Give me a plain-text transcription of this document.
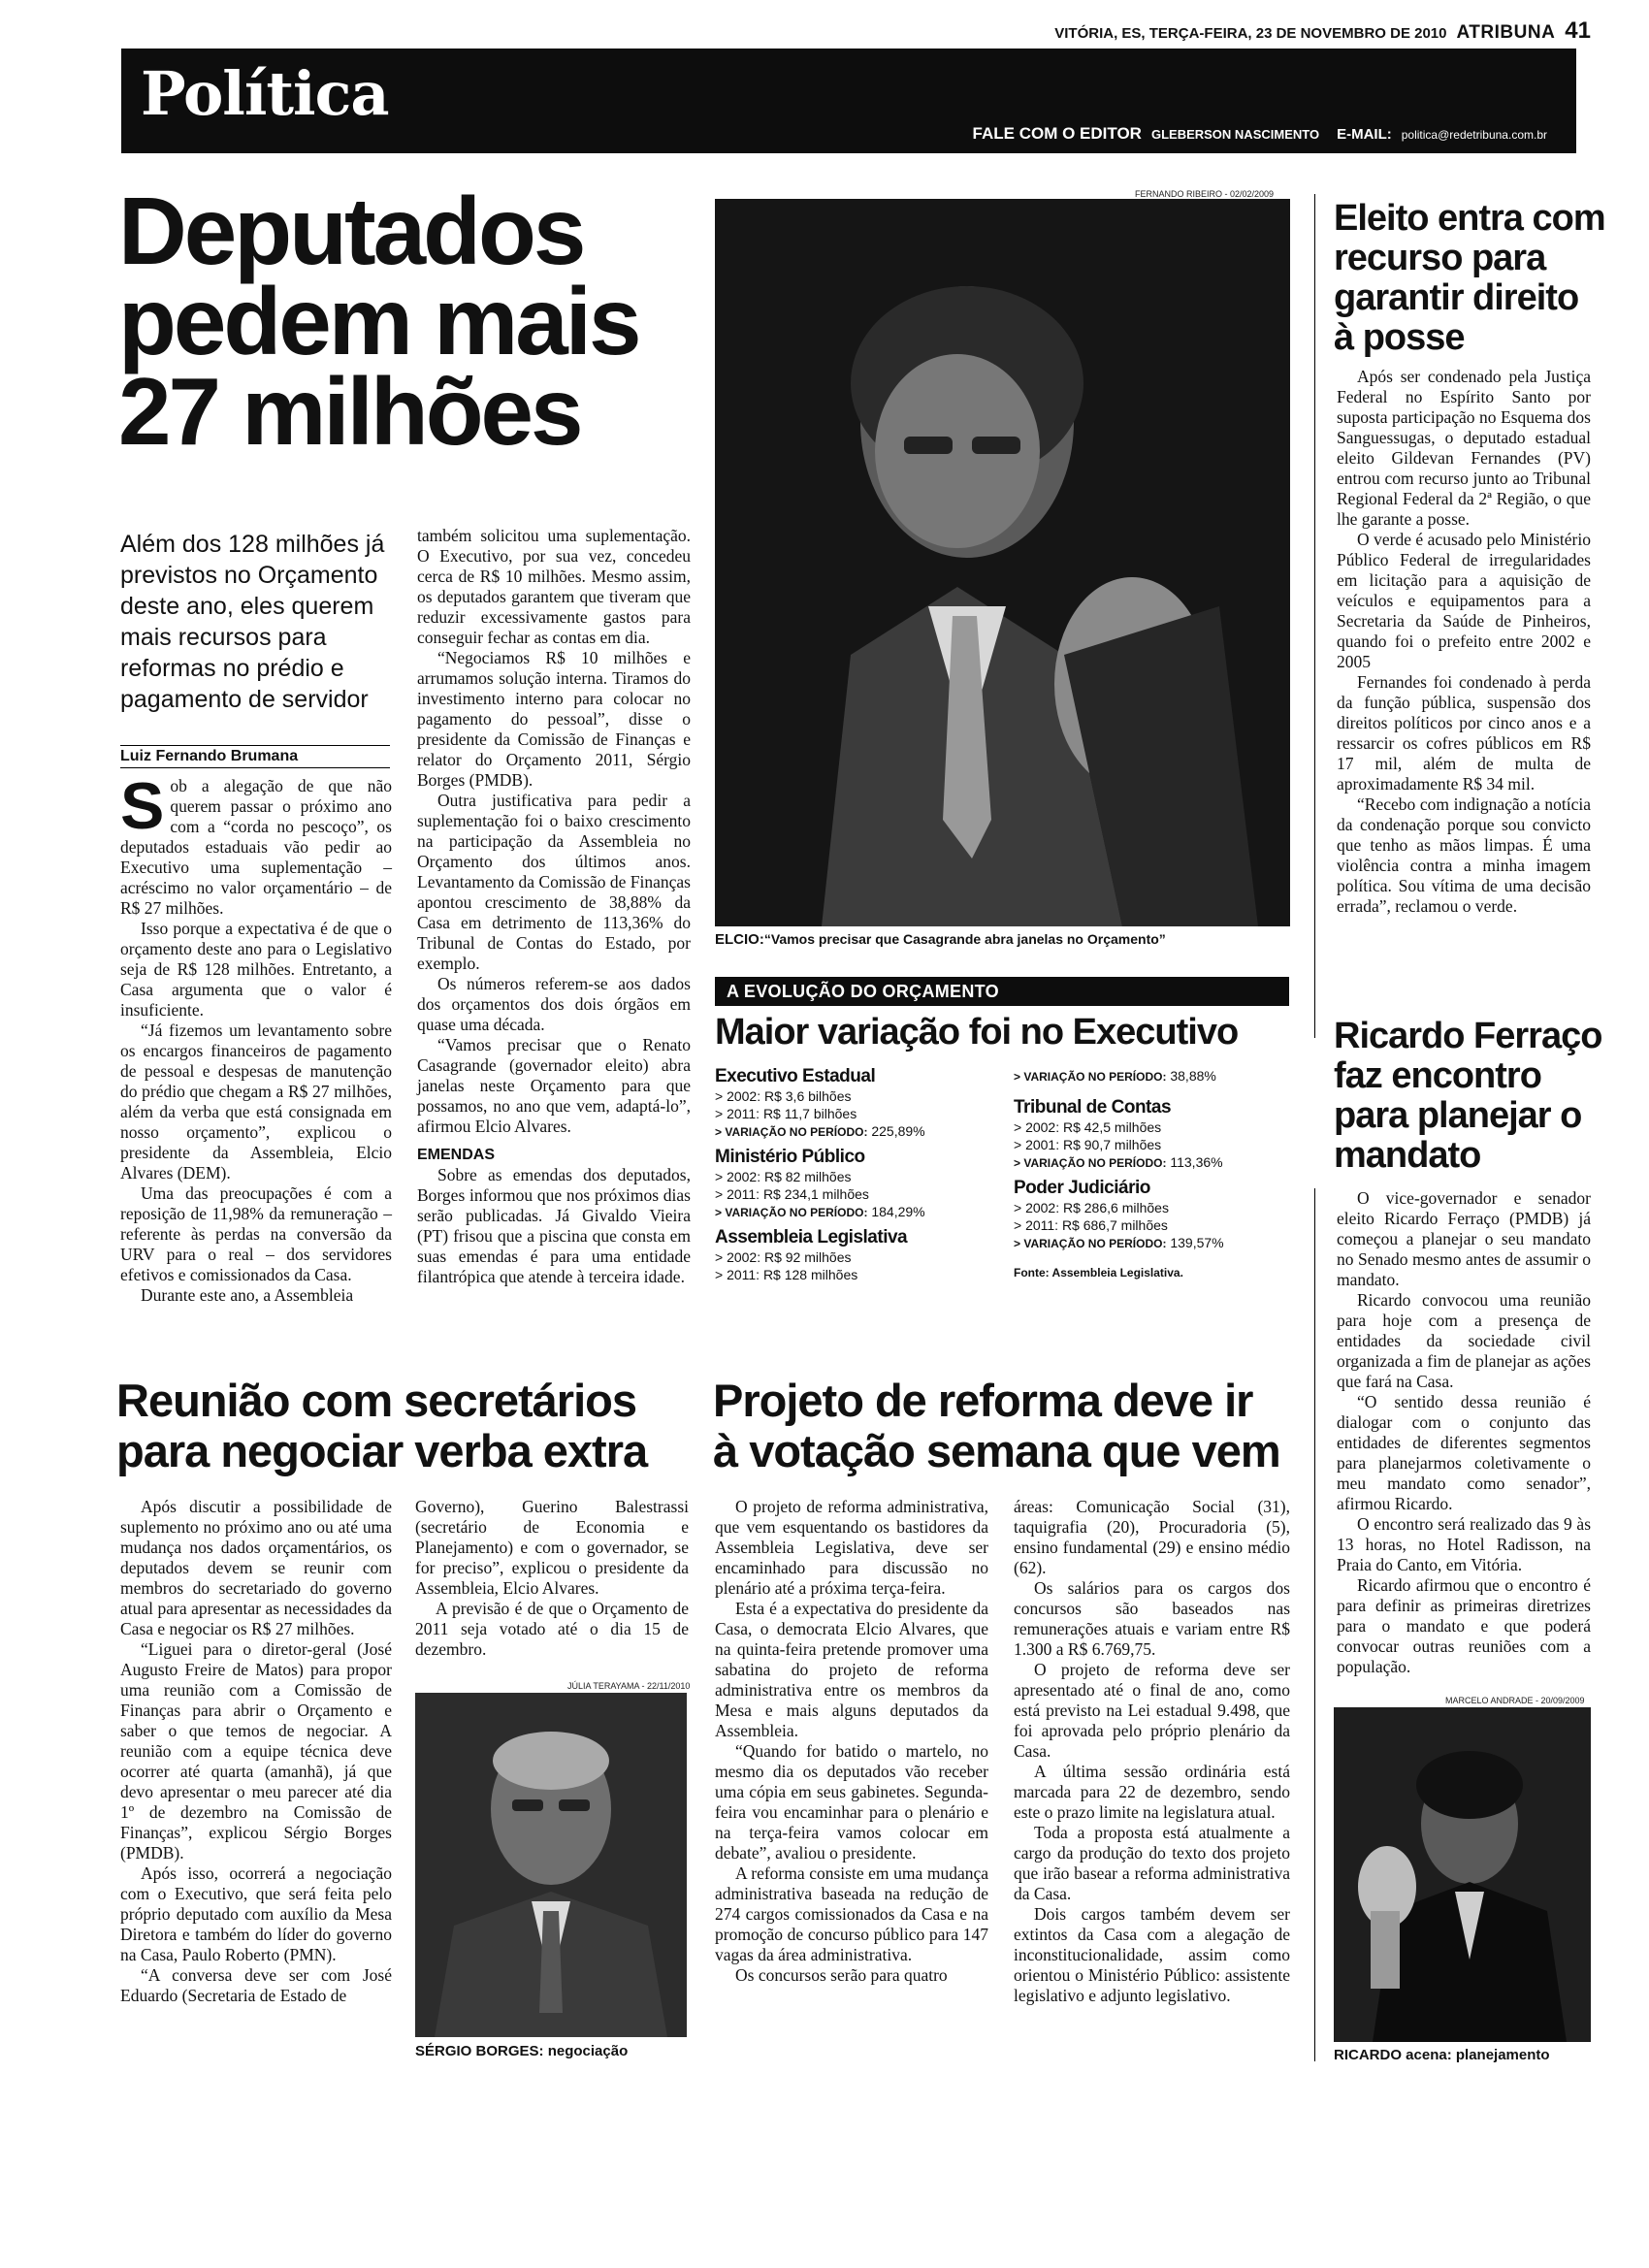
VITÓRIA, ES, TERÇA-FEIRA, 23 DE NOVEMBRO DE 2010 ATRIBUNA 41
Política
FALE COM O EDITOR GLEBERSON NASCIMENTO E-MAIL: politica@redetribuna.com.br
Deputados
pedem mais
27 milhões
Além dos 128 milhões já previstos no Orçamento deste ano, eles querem mais recursos para reformas no prédio e pagamento de servidor
Luiz Fernando Brumana

Sob a alegação de que não querem passar o próximo ano com a “corda no pescoço”, os deputados estaduais vão pedir ao Executivo uma suplementação – acréscimo no valor orçamentário – de R$ 27 milhões.

Isso porque a expectativa é de que o orçamento deste ano para o Legislativo seja de R$ 128 milhões. Entretanto, a Casa argumenta que o valor é insuficiente.

“Já fizemos um levantamento sobre os encargos financeiros de pagamento de pessoal e despesas de manutenção do prédio que chegam a R$ 27 milhões, além da verba que está consignada em nosso orçamento”, explicou o presidente da Assembleia, Elcio Alvares (DEM).

Uma das preocupações é com a reposição de 11,98% da remuneração – referente às perdas na conversão da URV para o real – dos servidores efetivos e comissionados da Casa.

Durante este ano, a Assembleia

também solicitou uma suplementação. O Executivo, por sua vez, concedeu cerca de R$ 10 milhões. Mesmo assim, os deputados garantem que tiveram que reduzir excessivamente gastos para conseguir fechar as contas em dia.

“Negociamos R$ 10 milhões e arrumamos solução interna. Tiramos do investimento interno para colocar no pagamento do pessoal”, disse o presidente da Comissão de Finanças e relator do Orçamento 2011, Sérgio Borges (PMDB).

Outra justificativa para pedir a suplementação foi o baixo crescimento na participação da Assembleia no Orçamento dos últimos anos. Levantamento da Comissão de Finanças apontou crescimento de 38,88% da Casa em detrimento de 113,36% do Tribunal de Contas do Estado, por exemplo.

Os números referem-se aos dados dos orçamentos dos dois órgãos em quase uma década.

“Vamos precisar que o Renato Casagrande (governador eleito) abra janelas neste Orçamento para que possamos, no ano que vem, adaptá-lo”, afirmou Elcio Alvares.

EMENDAS

Sobre as emendas dos deputados, Borges informou que nos próximos dias serão publicadas. Já Givaldo Vieira (PT) frisou que a piscina que consta em suas emendas é para uma entidade filantrópica que atende à terceira idade.

FERNANDO RIBEIRO - 02/02/2009
ELCIO:“Vamos precisar que Casagrande abra janelas no Orçamento”
A EVOLUÇÃO DO ORÇAMENTO
Maior variação foi no Executivo
Executivo Estadual
> 2002: R$ 3,6 bilhões
> 2011: R$ 11,7 bilhões
> VARIAÇÃO NO PERÍODO: 225,89%
Ministério Público
> 2002: R$ 82 milhões
> 2011: R$ 234,1 milhões
> VARIAÇÃO NO PERÍODO: 184,29%
Assembleia Legislativa
> 2002: R$ 92 milhões
> 2011: R$ 128 milhões
> VARIAÇÃO NO PERÍODO: 38,88%
Tribunal de Contas
> 2002: R$ 42,5 milhões
> 2001: R$ 90,7 milhões
> VARIAÇÃO NO PERÍODO: 113,36%
Poder Judiciário
> 2002: R$ 286,6 milhões
> 2011: R$ 686,7 milhões
> VARIAÇÃO NO PERÍODO: 139,57%
Fonte: Assembleia Legislativa.
Eleito entra com recurso para garantir direito à posse

Após ser condenado pela Justiça Federal no Espírito Santo por suposta participação no Esquema dos Sanguessugas, o deputado estadual eleito Gildevan Fernandes (PV) entrou com recurso junto ao Tribunal Regional Federal da 2ª Região, o que lhe garante a posse.

O verde é acusado pelo Ministério Público Federal de irregularidades em licitação para a aquisição de veículos e equipamentos para a Secretaria da Saúde de Pinheiros, quando foi o prefeito entre 2002 e 2005

Fernandes foi condenado à perda da função pública, suspensão dos direitos políticos por cinco anos e a ressarcir os cofres públicos em R$ 17 mil, além de multa de aproximadamente R$ 34 mil.

“Recebo com indignação a notícia da condenação porque sou convicto que tenho as mãos limpas. É uma violência contra a minha imagem política. Sou vítima de uma decisão errada”, reclamou o verde.

Ricardo Ferraço faz encontro para planejar o mandato

O vice-governador e senador eleito Ricardo Ferraço (PMDB) já começou a planejar o seu mandato no Senado mesmo antes de assumir o mandato.

Ricardo convocou uma reunião para hoje com a presença de entidades da sociedade civil organizada a fim de planejar as ações que fará na Casa.

“O sentido dessa reunião é dialogar com o conjunto das entidades de diferentes segmentos para planejarmos coletivamente o meu mandato como senador”, afirmou Ricardo.

O encontro será realizado das 9 às 13 horas, no Hotel Radisson, na Praia do Canto, em Vitória.

Ricardo afirmou que o encontro é para definir as primeiras diretrizes para o mandato e que poderá convocar outras reuniões com a população.

MARCELO ANDRADE - 20/09/2009
RICARDO acena: planejamento
Reunião com secretários
para negociar verba extra

Após discutir a possibilidade de suplemento no próximo ano ou até uma mudança nos dados orçamentários, os deputados devem se reunir com membros do secretariado do governo atual para apresentar as necessidades da Casa e negociar os R$ 27 milhões.

“Liguei para o diretor-geral (José Augusto Freire de Matos) para propor uma reunião com a Comissão de Finanças para abrir o Orçamento e saber o que temos de negociar. A reunião com a equipe técnica deve ocorrer até quarta (amanhã), já que devo apresentar o meu parecer até dia 1º de dezembro na Comissão de Finanças”, explicou Sérgio Borges (PMDB).

Após isso, ocorrerá a negociação com o Executivo, que será feita pelo próprio deputado com auxílio da Mesa Diretora e também do líder do governo na Casa, Paulo Roberto (PMN).

“A conversa deve ser com José Eduardo (Secretaria de Estado de

Governo), Guerino Balestrassi (secretário de Economia e Planejamento) e com o governador, se for preciso”, explicou o presidente da Assembleia, Elcio Alvares.

A previsão é de que o Orçamento de 2011 seja votado até o dia 15 de dezembro.

JÚLIA TERAYAMA - 22/11/2010
SÉRGIO BORGES: negociação
Projeto de reforma deve ir
à votação semana que vem

O projeto de reforma administrativa, que vem esquentando os bastidores da Assembleia Legislativa, deve ser encaminhado para discussão no plenário até a próxima terça-feira.

Esta é a expectativa do presidente da Casa, o democrata Elcio Alvares, que na quinta-feira pretende promover uma sabatina do projeto de reforma administrativa entre os membros da Mesa e mais alguns deputados da Assembleia.

“Quando for batido o martelo, no mesmo dia os deputados vão receber uma cópia em seus gabinetes. Segunda-feira vou encaminhar para o plenário e na terça-feira vamos colocar em debate”, avaliou o presidente.

A reforma consiste em uma mudança administrativa baseada na redução de 274 cargos comissionados da Casa e na promoção de concurso público para 147 vagas da área administrativa.

Os concursos serão para quatro

áreas: Comunicação Social (31), taquigrafia (20), Procuradoria (5), ensino fundamental (29) e ensino médio (62).

Os salários para os cargos dos concursos são baseados nas remunerações atuais e variam entre R$ 1.300 a R$ 6.769,75.

O projeto de reforma deve ser apresentado até o final de ano, como está previsto na Lei estadual 9.498, que foi aprovada pelo próprio plenário da Casa.

A última sessão ordinária está marcada para 22 de dezembro, sendo este o prazo limite na legislatura atual.

Toda a proposta está atualmente a cargo da produção do texto dos projeto que irão basear a reforma administrativa da Casa.

Dois cargos também devem ser extintos da Casa com a alegação de inconstitucionalidade, assim como orientou o Ministério Público: assistente legislativo e adjunto legislativo.
